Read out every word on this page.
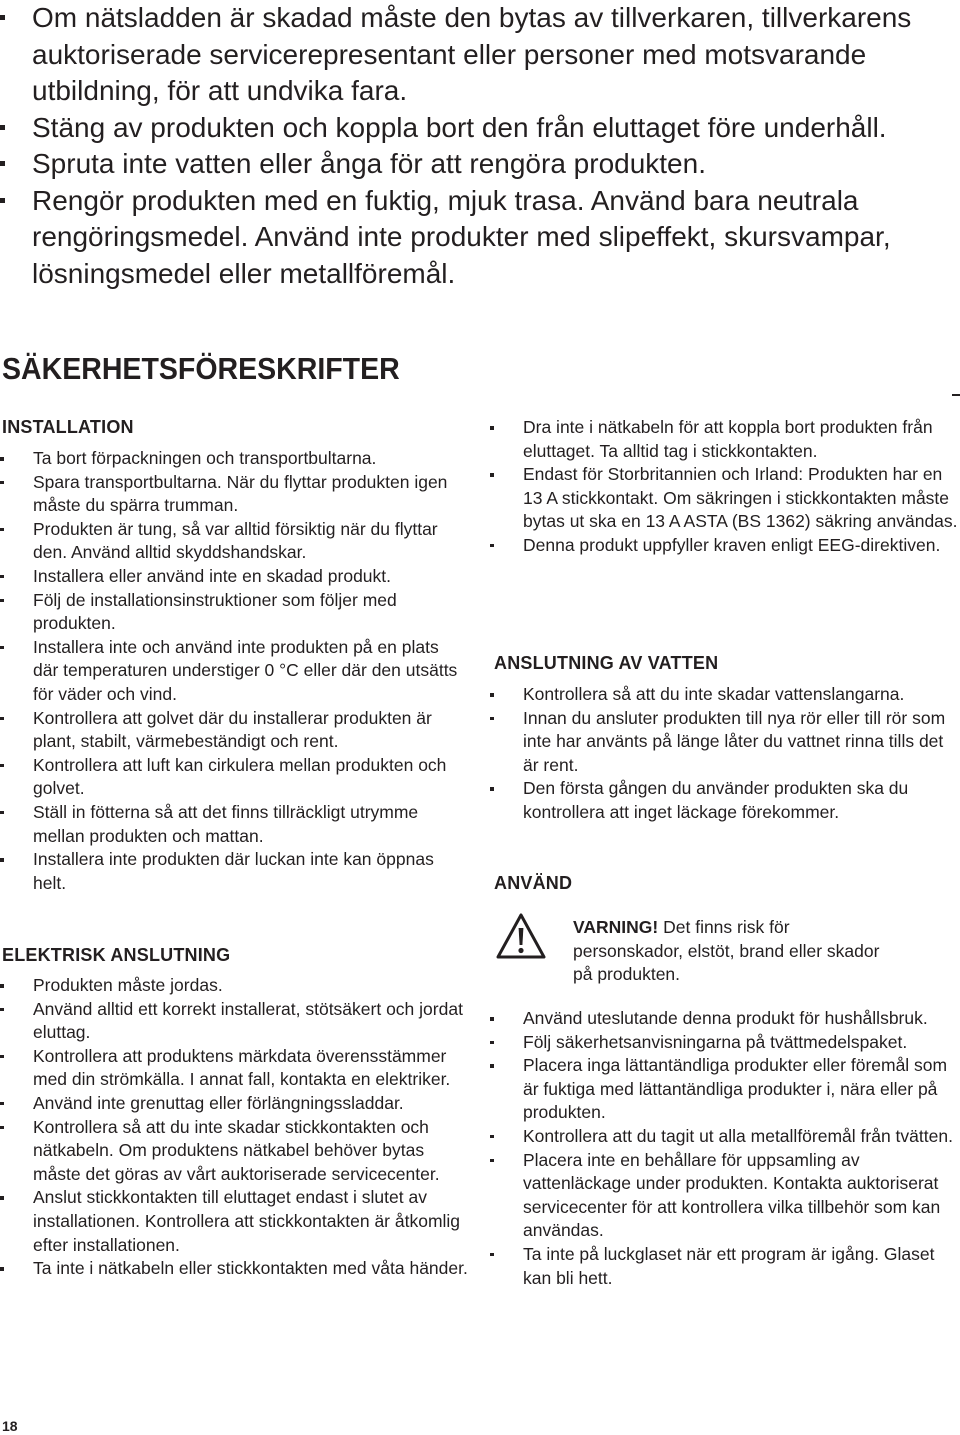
Om nätsladden är skadad måste den bytas av tillverkaren, tillverkarens auktoriserade servicerepresentant eller personer med motsvarande utbildning, för att undvika fara.
Stäng av produkten och koppla bort den från eluttaget före underhåll.
Spruta inte vatten eller ånga för att rengöra produkten.
Rengör produkten med en fuktig, mjuk trasa. Använd bara neutrala rengöringsmedel. Använd inte produkter med slipeffekt, skursvampar, lösningsmedel eller metallföremål.
SÄKERHETSFÖRESKRIFTER
INSTALLATION
Ta bort förpackningen och transportbultarna.
Spara transportbultarna. När du flyttar produkten igen måste du spärra trumman.
Produkten är tung, så var alltid försiktig när du flyttar den. Använd alltid skyddshandskar.
Installera eller använd inte en skadad produkt.
Följ de installationsinstruktioner som följer med produkten.
Installera inte och använd inte produkten på en plats där temperaturen understiger 0 °C eller där den utsätts för väder och vind.
Kontrollera att golvet där du installerar produkten är plant, stabilt, värmebeständigt och rent.
Kontrollera att luft kan cirkulera mellan produkten och golvet.
Ställ in fötterna så att det finns tillräckligt utrymme mellan produkten och mattan.
Installera inte produkten där luckan inte kan öppnas helt.
ELEKTRISK ANSLUTNING
Produkten måste jordas.
Använd alltid ett korrekt installerat, stötsäkert och jordat eluttag.
Kontrollera att produktens märkdata överensstämmer med din strömkälla. I annat fall, kontakta en elektriker.
Använd inte grenuttag eller förlängningssladdar.
Kontrollera så att du inte skadar stickkontakten och nätkabeln. Om produktens nätkabel behöver bytas måste det göras av vårt auktoriserade servicecenter.
Anslut stickkontakten till eluttaget endast i slutet av installationen. Kontrollera att stickkontakten är åtkomlig efter installationen.
Ta inte i nätkabeln eller stickkontakten med våta händer.
Dra inte i nätkabeln för att koppla bort produkten från eluttaget. Ta alltid tag i stickkontakten.
Endast för Storbritannien och Irland: Produkten har en 13 A stickkontakt. Om säkringen i stickkontakten måste bytas ut ska en 13 A ASTA (BS 1362) säkring användas.
Denna produkt uppfyller kraven enligt EEG-direktiven.
ANSLUTNING AV VATTEN
Kontrollera så att du inte skadar vattenslangarna.
Innan du ansluter produkten till nya rör eller till rör som inte har använts på länge låter du vattnet rinna tills det är rent.
Den första gången du använder produkten ska du kontrollera att inget läckage förekommer.
ANVÄND
VARNING! Det finns risk för personskador, elstöt, brand eller skador på produkten.
Använd uteslutande denna produkt för hushållsbruk.
Följ säkerhetsanvisningarna på tvättmedelspaket.
Placera inga lättantändliga produkter eller föremål som är fuktiga med lättantändliga produkter i, nära eller på produkten.
Kontrollera att du tagit ut alla metallföremål från tvätten.
Placera inte en behållare för uppsamling av vattenläckage under produkten. Kontakta auktoriserat servicecenter för att kontrollera vilka tillbehör som kan användas.
Ta inte på luckglaset när ett program är igång. Glaset kan bli hett.
18
